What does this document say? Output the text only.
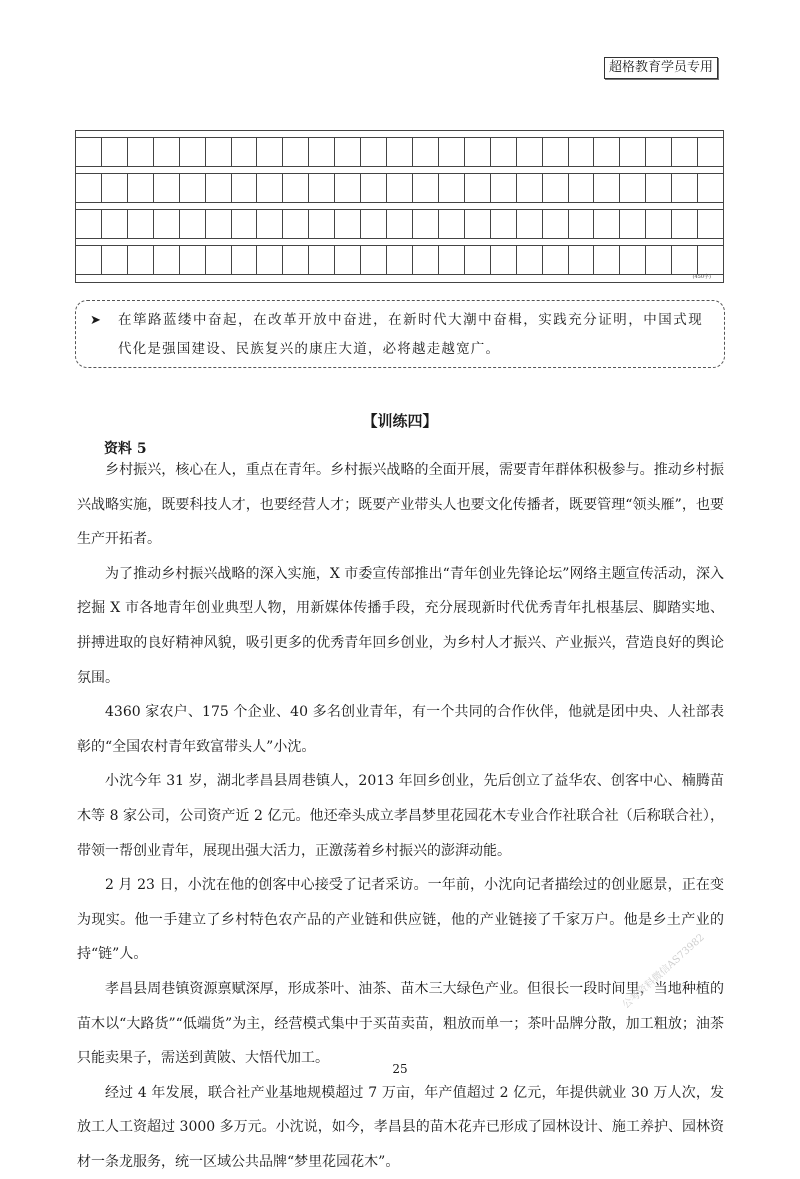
超格教育学员专用
(450字)
➤ 在筚路蓝缕中奋起，在改革开放中奋进，在新时代大潮中奋楫，实践充分证明，中国式现代化是强国建设、民族复兴的康庄大道，必将越走越宽广。
【训练四】
资料 5

乡村振兴，核心在人，重点在青年。乡村振兴战略的全面开展，需要青年群体积极参与。推动乡村振兴战略实施，既要科技人才，也要经营人才；既要产业带头人也要文化传播者，既要管理“领头雁”，也要生产开拓者。

为了推动乡村振兴战略的深入实施，X 市委宣传部推出“青年创业先锋论坛”网络主题宣传活动，深入挖掘 X 市各地青年创业典型人物，用新媒体传播手段，充分展现新时代优秀青年扎根基层、脚踏实地、拼搏进取的良好精神风貌，吸引更多的优秀青年回乡创业，为乡村人才振兴、产业振兴，营造良好的舆论氛围。

4360 家农户、175 个企业、40 多名创业青年，有一个共同的合作伙伴，他就是团中央、人社部表彰的“全国农村青年致富带头人”小沈。

小沈今年 31 岁，湖北孝昌县周巷镇人，2013 年回乡创业，先后创立了益华农、创客中心、楠腾苗木等 8 家公司，公司资产近 2 亿元。他还牵头成立孝昌梦里花园花木专业合作社联合社（后称联合社），带领一帮创业青年，展现出强大活力，正激荡着乡村振兴的澎湃动能。

2 月 23 日，小沈在他的创客中心接受了记者采访。一年前，小沈向记者描绘过的创业愿景，正在变为现实。他一手建立了乡村特色农产品的产业链和供应链，他的产业链接了千家万户。他是乡土产业的持“链”人。

孝昌县周巷镇资源禀赋深厚，形成茶叶、油茶、苗木三大绿色产业。但很长一段时间里，当地种植的苗木以“大路货”“低端货”为主，经营模式集中于买苗卖苗，粗放而单一；茶叶品牌分散，加工粗放；油茶只能卖果子，需送到黄陂、大悟代加工。

经过 4 年发展，联合社产业基地规模超过 7 万亩，年产值超过 2 亿元，年提供就业 30 万人次，发放工人工资超过 3000 多万元。小沈说，如今，孝昌县的苗木花卉已形成了园林设计、施工养护、园林资材一条龙服务，统一区域公共品牌“梦里花园花木”。

公考资料微信AS73982
25
